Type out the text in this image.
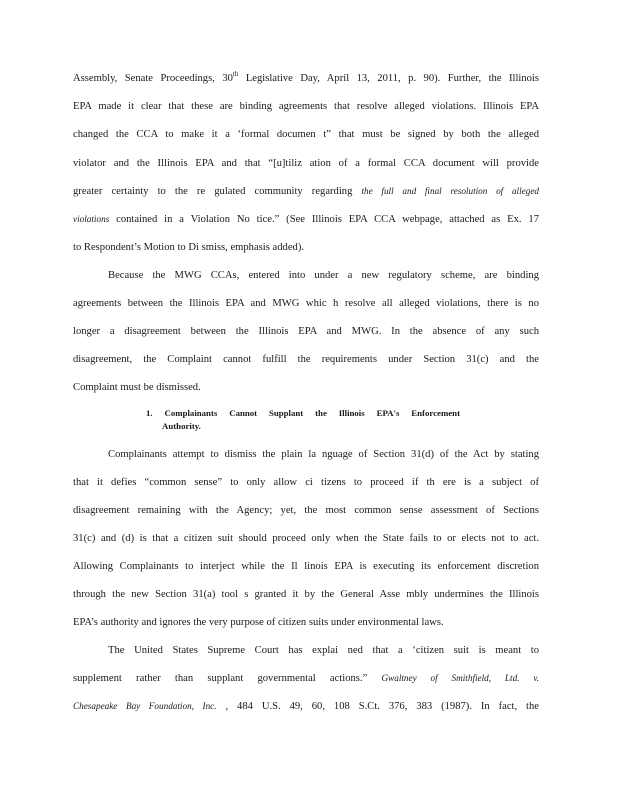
Assembly, Senate Proceedings, 30th Legislative Day, April 13, 2011, p. 90). Further, the Illinois
EPA made it clear that these are binding agreements that resolve alleged violations. Illinois EPA
changed the CCA to make it a ‘formal documen t” that must be signed by both the alleged
violator and the Illinois EPA and that “[u]tiliz ation of a formal CCA document will provide
greater certainty to the re gulated community regarding the full and final resolution of alleged
violations contained in a Violation No tice.” (See Illinois EPA CCA webpage, attached as Ex. 17
to Respondent’s Motion to Di smiss, emphasis added).
Because the MWG CCAs, entered into under a new regulatory scheme, are binding
agreements between the Illinois EPA and MWG whic h resolve all alleged violations, there is no
longer a disagreement between the Illinois EPA and MWG. In the absence of any such
disagreement, the Complaint cannot fulfill the requirements under Section 31(c) and the
Complaint must be dismissed.
1. Complainants Cannot Supplant the Illinois EPA's Enforcement
Authority.
Complainants attempt to dismiss the plain la nguage of Section 31(d) of the Act by stating
that it defies “common sense” to only allow ci tizens to proceed if th ere is a subject of
disagreement remaining with the Agency; yet, the most common sense assessment of Sections
31(c) and (d) is that a citizen suit should proceed only when the State fails to or elects not to act.
Allowing Complainants to interject while the Il linois EPA is executing its enforcement discretion
through the new Section 31(a) tool s granted it by the General Asse mbly undermines the Illinois
EPA’s authority and ignores the very purpose of citizen suits under environmental laws.
The United States Supreme Court has explai ned that a ‘citizen suit is meant to
supplement rather than supplant governmental actions.” Gwaltney of Smithfield, Ltd. v.
Chesapeake Bay Foundation, Inc. , 484 U.S. 49, 60, 108 S.Ct. 376, 383 (1987). In fact, the
